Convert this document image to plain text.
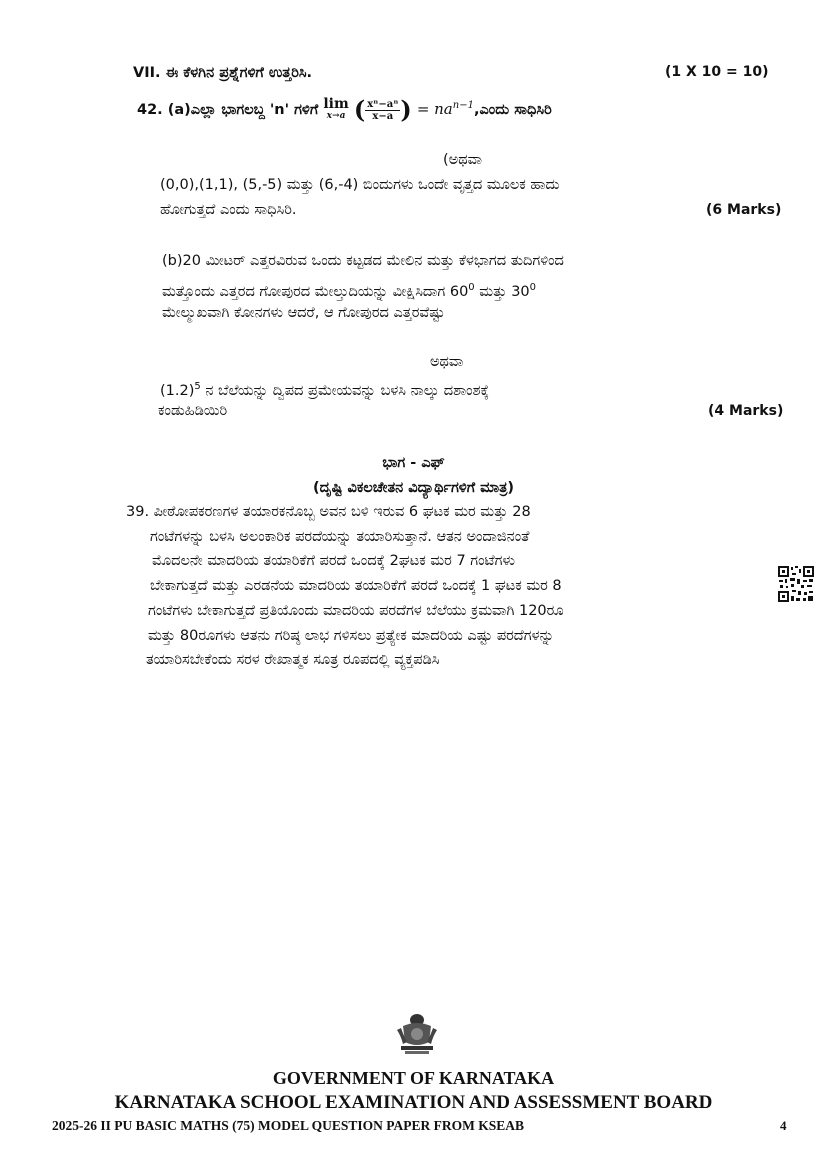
VII. ಈ ಕೆಳಗಿನ ಪ್ರಶ್ನೆಗಳಿಗೆ ಉತ್ತರಿಸಿ.	(1 X 10 = 10)
42. (a)ಎಲ್ಲಾ ಭಾಗಲಬ್ದ 'n' ಗಳಿಗೆ lim
x→a ( $\frac{\text{xⁿ−aⁿ}}{x-a}$ ) = $na^{n-1},ಎಂದು$ ಸಾಧಿಸಿರಿ
(ಅಥವಾ
(0,0),(1,1), (5,-5) ಮತ್ತು (6,-4) ಬಿಂದುಗಳು ಒಂದೇ ವೃತ್ತದ ಮೂಲಕ ಹಾದು
ಹೋಗುತ್ತದೆ ಎಂದು ಸಾಧಿಸಿರಿ.	(6 Marks)
(b)20 ಮೀಟರ್ ಎತ್ತರವಿರುವ ಒಂದು ಕಟ್ಟಡದ ಮೇಲಿನ ಮತ್ತು ಕೆಳಭಾಗದ ತುದಿಗಳಿಂದ
ಮತ್ತೊಂದು ಎತ್ತರದ ಗೋಪುರದ ಮೇಲ್ತುದಿಯನ್ನು ವೀಕ್ಷಿಸಿದಾಗ $60^0$ ಮತ್ತು $30^0$
ಮೇಲ್ಮುಖವಾಗಿ ಕೋನಗಳು ಆದರೆ, ಆ ಗೋಪುರದ ಎತ್ತರವೆಷ್ಟು
ಅಥವಾ
$(1.2)^5$ ನ ಬೆಲೆಯನ್ನು ದ್ವಿಪದ ಪ್ರಮೇಯವನ್ನು ಬಳಸಿ ನಾಲ್ಕು ದಶಾಂಶಕ್ಕೆ
ಕಂಡುಹಿಡಿಯಿರಿ	(4 Marks)
ಭಾಗ - ಎಫ್
(ದೃಷ್ಟಿ ವಿಕಲಚೇತನ ವಿದ್ಯಾರ್ಥಿಗಳಿಗೆ ಮಾತ್ರ)
39. ಪೀಠೋಪಕರಣಗಳ ತಯಾರಕನೊಬ್ಬ ಅವನ ಬಳಿ ಇರುವ 6 ಘಟಕ ಮರ ಮತ್ತು 28
ಗಂಟೆಗಳನ್ನು ಬಳಸಿ ಅಲಂಕಾರಿಕ ಪರದೆಯನ್ನು ತಯಾರಿಸುತ್ತಾನೆ. ಆತನ ಅಂದಾಜಿನಂತೆ
ಮೊದಲನೇ ಮಾದರಿಯ ತಯಾರಿಕೆಗೆ ಪರದೆ ಒಂದಕ್ಕೆ 2ಘಟಕ ಮರ 7 ಗಂಟೆಗಳು
ಬೇಕಾಗುತ್ತದೆ ಮತ್ತು ಎರಡನೆಯ ಮಾದರಿಯ ತಯಾರಿಕೆಗೆ ಪರದೆ ಒಂದಕ್ಕೆ 1 ಘಟಕ ಮರ 8
ಗಂಟೆಗಳು ಬೇಕಾಗುತ್ತದೆ ಪ್ರತಿಯೊಂದು ಮಾದರಿಯ ಪರದೆಗಳ ಬೆಲೆಯು ಕ್ರಮವಾಗಿ 120ರೂ
ಮತ್ತು 80ರೂಗಳು ಆತನು ಗರಿಷ್ಠ ಲಾಭ ಗಳಿಸಲು ಪ್ರತ್ಯೇಕ ಮಾದರಿಯ ಎಷ್ಟು ಪರದೆಗಳನ್ನು
ತಯಾರಿಸಬೇಕೆಂದು ಸರಳ ರೇಖಾತ್ಮಕ ಸೂತ್ರ ರೂಪದಲ್ಲಿ ವ್ಯಕ್ತಪಡಿಸಿ
GOVERNMENT OF KARNATAKA
KARNATAKA SCHOOL EXAMINATION AND ASSESSMENT BOARD
2025-26 II PU BASIC MATHS (75) MODEL QUESTION PAPER FROM KSEAB	4
